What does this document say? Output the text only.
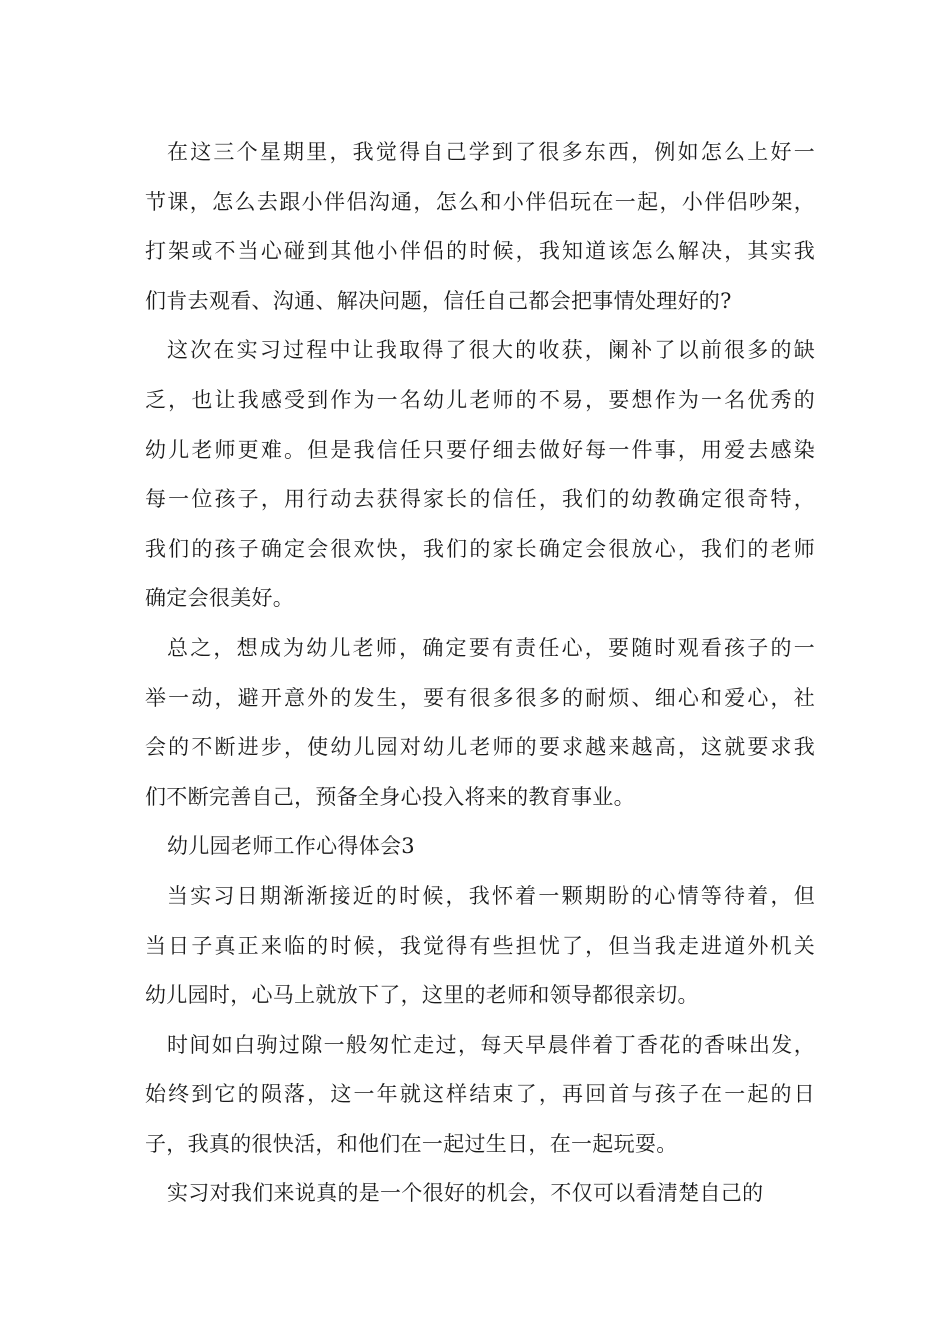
在这三个星期里，我觉得自己学到了很多东西，例如怎么上好一
节课，怎么去跟小伴侣沟通，怎么和小伴侣玩在一起，小伴侣吵架，
打架或不当心碰到其他小伴侣的时候，我知道该怎么解决，其实我
们肯去观看、沟通、解决问题，信任自己都会把事情处理好的?

这次在实习过程中让我取得了很大的收获，阑补了以前很多的缺
乏，也让我感受到作为一名幼儿老师的不易，要想作为一名优秀的
幼儿老师更难。但是我信任只要仔细去做好每一件事，用爱去感染
每一位孩子，用行动去获得家长的信任，我们的幼教确定很奇特，
我们的孩子确定会很欢快，我们的家长确定会很放心，我们的老师
确定会很美好。

总之，想成为幼儿老师，确定要有责任心，要随时观看孩子的一
举一动，避开意外的发生，要有很多很多的耐烦、细心和爱心，社
会的不断进步，使幼儿园对幼儿老师的要求越来越高，这就要求我
们不断完善自己，预备全身心投入将来的教育事业。

幼儿园老师工作心得体会3

当实习日期渐渐接近的时候，我怀着一颗期盼的心情等待着，但
当日子真正来临的时候，我觉得有些担忧了，但当我走进道外机关
幼儿园时，心马上就放下了，这里的老师和领导都很亲切。

时间如白驹过隙一般匆忙走过，每天早晨伴着丁香花的香味出发，
始终到它的陨落，这一年就这样结束了，再回首与孩子在一起的日
子，我真的很快活，和他们在一起过生日，在一起玩耍。

实习对我们来说真的是一个很好的机会，不仅可以看清楚自己的
